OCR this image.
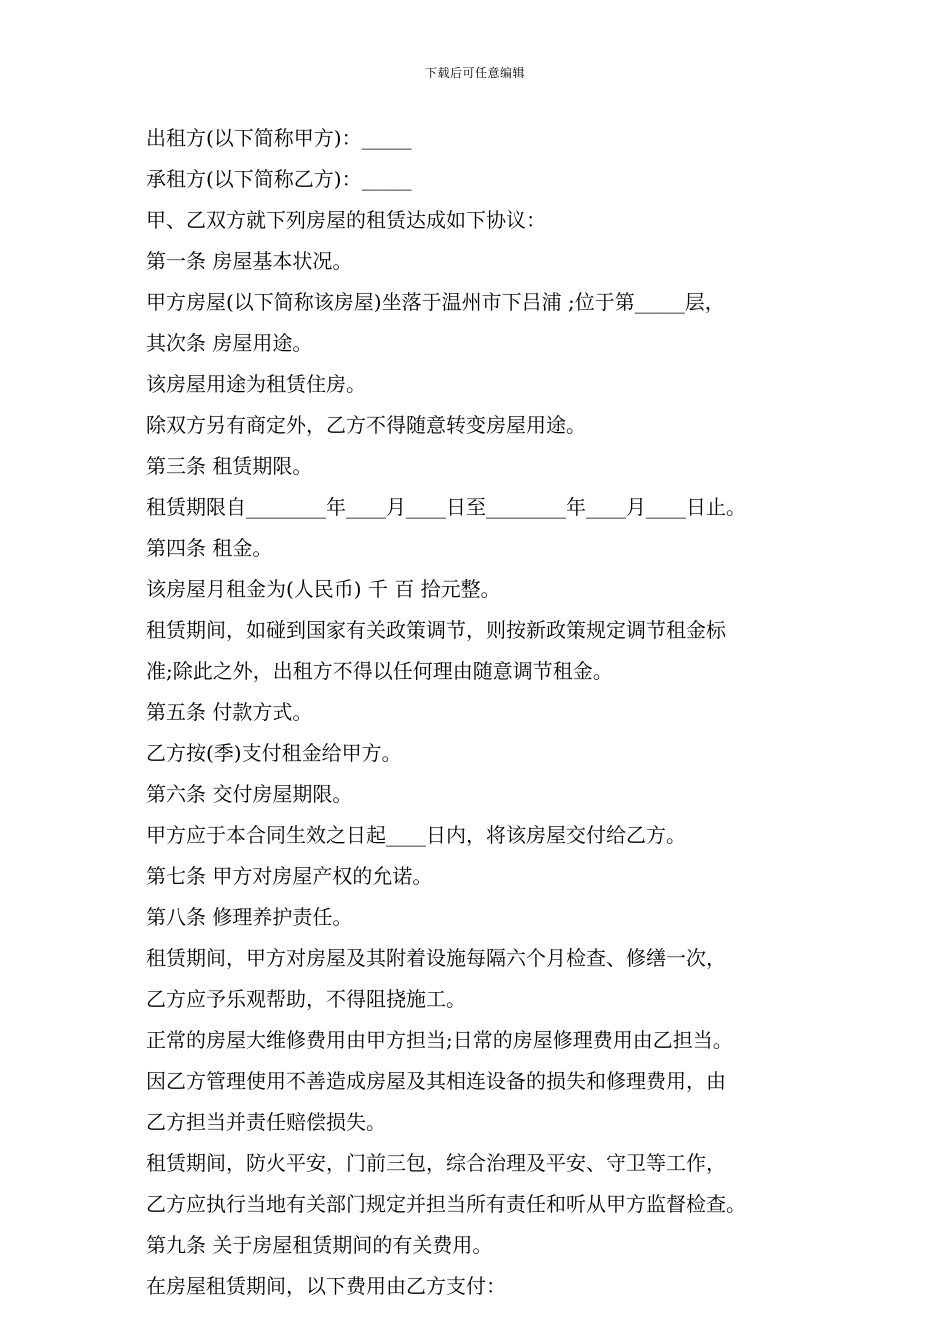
下载后可任意编辑
出租方(以下简称甲方)：_____
承租方(以下简称乙方)：_____
甲、乙双方就下列房屋的租赁达成如下协议：
第一条 房屋基本状况。
甲方房屋(以下简称该房屋)坐落于温州市下吕浦 ;位于第_____层，
其次条 房屋用途。
该房屋用途为租赁住房。
除双方另有商定外，乙方不得随意转变房屋用途。
第三条 租赁期限。
租赁期限自________年____月____日至________年____月____日止。
第四条 租金。
该房屋月租金为(人民币) 千 百 拾元整。
租赁期间，如碰到国家有关政策调节，则按新政策规定调节租金标
准;除此之外，出租方不得以任何理由随意调节租金。
第五条 付款方式。
乙方按(季)支付租金给甲方。
第六条 交付房屋期限。
甲方应于本合同生效之日起____日内，将该房屋交付给乙方。
第七条 甲方对房屋产权的允诺。
第八条 修理养护责任。
租赁期间，甲方对房屋及其附着设施每隔六个月检查、修缮一次，
乙方应予乐观帮助，不得阻挠施工。
正常的房屋大维修费用由甲方担当;日常的房屋修理费用由乙担当。
因乙方管理使用不善造成房屋及其相连设备的损失和修理费用，由
乙方担当并责任赔偿损失。
租赁期间，防火平安，门前三包，综合治理及平安、守卫等工作，
乙方应执行当地有关部门规定并担当所有责任和听从甲方监督检查。
第九条 关于房屋租赁期间的有关费用。
在房屋租赁期间，以下费用由乙方支付：
